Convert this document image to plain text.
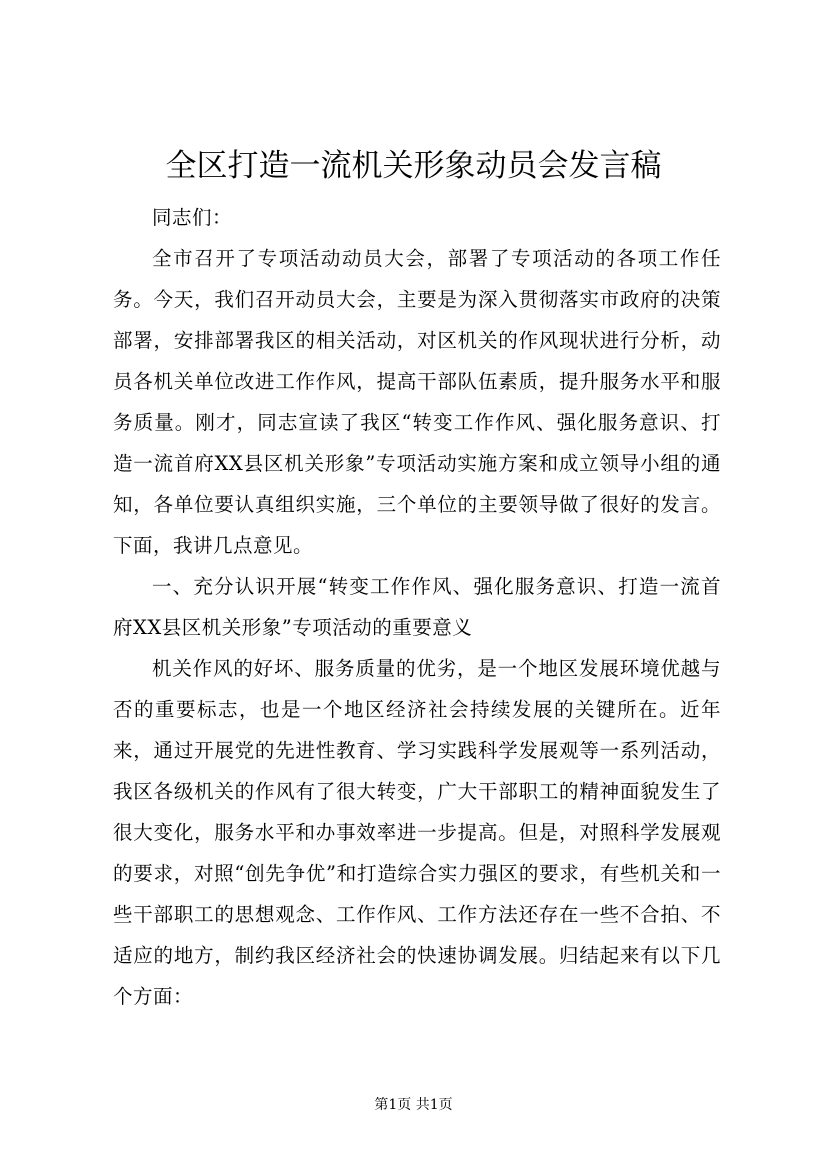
全区打造一流机关形象动员会发言稿

同志们：

全市召开了专项活动动员大会，部署了专项活动的各项工作任务。今天，我们召开动员大会，主要是为深入贯彻落实市政府的决策部署，安排部署我区的相关活动，对区机关的作风现状进行分析，动员各机关单位改进工作作风，提高干部队伍素质，提升服务水平和服务质量。刚才，同志宣读了我区“转变工作作风、强化服务意识、打造一流首府XX县区机关形象”专项活动实施方案和成立领导小组的通知，各单位要认真组织实施，三个单位的主要领导做了很好的发言。下面，我讲几点意见。

一、充分认识开展“转变工作作风、强化服务意识、打造一流首府XX县区机关形象”专项活动的重要意义

机关作风的好坏、服务质量的优劣，是一个地区发展环境优越与否的重要标志，也是一个地区经济社会持续发展的关键所在。近年来，通过开展党的先进性教育、学习实践科学发展观等一系列活动，我区各级机关的作风有了很大转变，广大干部职工的精神面貌发生了很大变化，服务水平和办事效率进一步提高。但是，对照科学发展观的要求，对照“创先争优”和打造综合实力强区的要求，有些机关和一些干部职工的思想观念、工作作风、工作方法还存在一些不合拍、不适应的地方，制约我区经济社会的快速协调发展。归结起来有以下几个方面：

第1页 共1页
